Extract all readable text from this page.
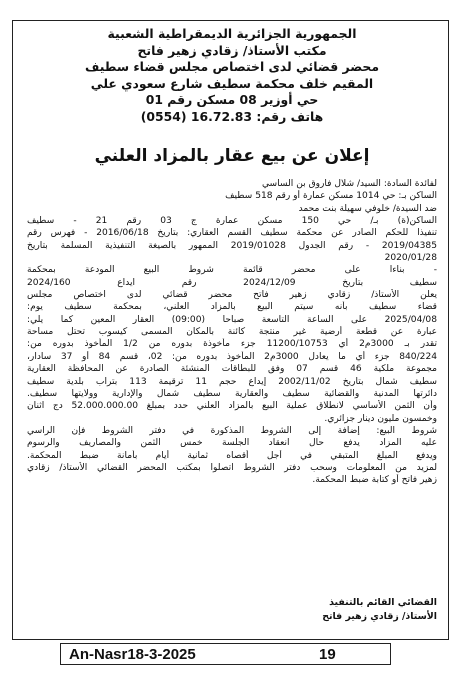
الجمهورية الجزائرية الديمقراطية الشعبية
مكتب الأستاذ/ زقادي زهير فاتح
محضر قضائي لدى اختصاص مجلس قضاء سطيف
المقيم خلف محكمة سطيف شارع سعودي علي
حي أوزير 08 مسكن رقم 01
هاتف رقم: 16.72.83 (0554)
إعلان عن بيع عقار بالمزاد العلني
لفائدة السادة: السيد/ شلال فاروق بن الساسي
الساكن بـ: حي 1014 مسكن عمارة أو رقم 518 سطيف
ضد السيدة/ خلوفي سهيلة بنت محمد
الساكن(ة) بـ/ حي 150 مسكن عمارة ج 03 رقم 21 - سطيف
تنفيذا للحكم الصادر عن محكمة سطيف القسم العقاري: بتاريخ 2016/06/18 - فهرس رقم
2019/04385 - رقم الجدول 2019/01028 الممهور بالصيغة التنفيذية المسلمة بتاريخ
2020/01/28
- بناءا على محضر قائمة شروط البيع المودعة بمحكمة
سطيف بتاريخ 2024/12/09 رقم ايداع 2024/160
يعلن الأستاذ/ زقادي زهير فاتح محضر قضائي لدى اختصاص مجلس
قضاء سطيف بأنه سيتم البيع بالمزاد العلني، بمحكمة سطيف يوم:
2025/04/08 على الساعة التاسعة صباحا (09:00) العقار المعين كما يلي:
عبارة عن قطعة أرضية غير منتجة كائنة بالمكان المسمى كيسوب تحتل مساحة
تقدر بـ 3000م2 أي 11200/10753 جزء مأخوذة بدوره من 1/2 المأخوذ بدوره من:
840/224 جزء أي ما يعادل 3000م2 المأخوذ بدوره من: 02، قسم 84 أو 37 سادار،
مجموعة ملكية 46 قسم 07 وفق للبطاقات المنشئة الصادرة عن المحافظة العقارية
سطيف شمال بتاريخ 2002/11/02 إيداع حجم 11 ترقيمة 113 بتراب بلدية سطيف
دائرتها المدنية والقضائية سطيف والعقارية سطيف شمال والإدارية وولايتها سطيف.
وأن الثمن الأساسي لانطلاق عملية البيع بالمزاد العلني حدد بمبلغ 52.000.000.00 دج اثنان
وخمسون مليون دينار جزائري.
شروط البيع: إضافة إلى الشروط المذكورة في دفتر الشروط فإن الراسي
عليه المزاد يدفع حال انعقاد الجلسة خمس الثمن والمصاريف والرسوم
ويدفع المبلغ المتبقي في أجل أقصاه ثمانية أيام بأمانة ضبط المحكمة.
لمزيد من المعلومات وسحب دفتر الشروط اتصلوا بمكتب المحضر القضائي الأستاذ/ زقادي
زهير فاتح أو كتابة ضبط المحكمة.
القضائي القائم بالتنفيذ
الأستاذ/ زقادي زهير فاتح
An-Nasr18-3-2025	19
